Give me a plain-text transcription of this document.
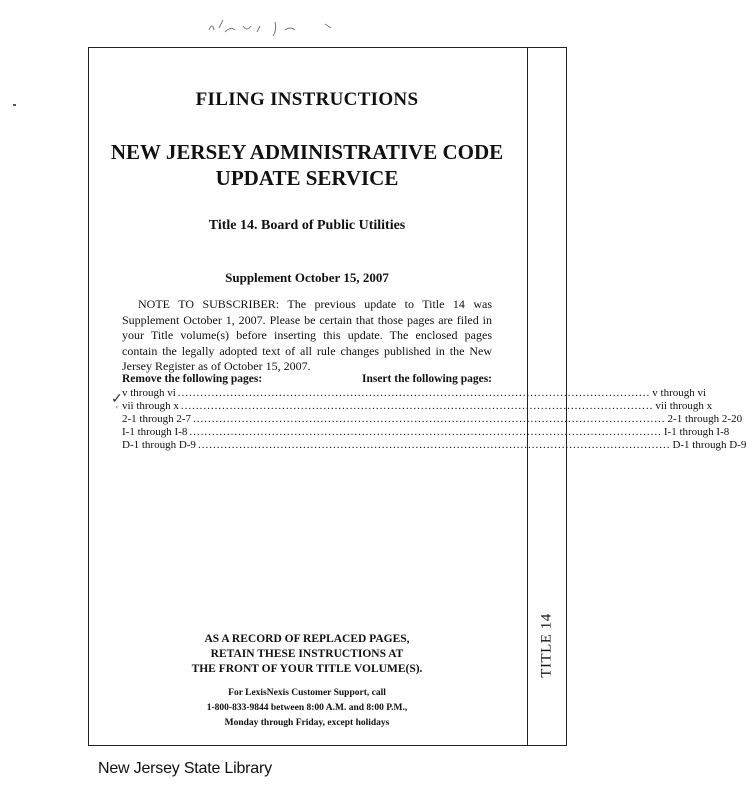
TITLE 14
FILING INSTRUCTIONS
NEW JERSEY ADMINISTRATIVE CODE
UPDATE SERVICE
Title 14. Board of Public Utilities
Supplement October 15, 2007
NOTE TO SUBSCRIBER: The previous update to Title 14 was Supplement October 1, 2007. Please be certain that those pages are filed in your Title volume(s) before inserting this update. The enclosed pages contain the legally adopted text of all rule changes published in the New Jersey Register as of October 15, 2007.
Remove the following pages:	Insert the following pages:
v through vi .............................................................................................................................. v through vi
vii through x .............................................................................................................................. vii through x
2-1 through 2-7 .............................................................................................................................. 2-1 through 2-20
I-1 through I-8 .............................................................................................................................. I-1 through I-8
D-1 through D-9 .............................................................................................................................. D-1 through D-9
AS A RECORD OF REPLACED PAGES,
RETAIN THESE INSTRUCTIONS AT
THE FRONT OF YOUR TITLE VOLUME(S).
For LexisNexis Customer Support, call
1-800-833-9844 between 8:00 A.M. and 8:00 P.M.,
Monday through Friday, except holidays
✓
'
New Jersey State Library
